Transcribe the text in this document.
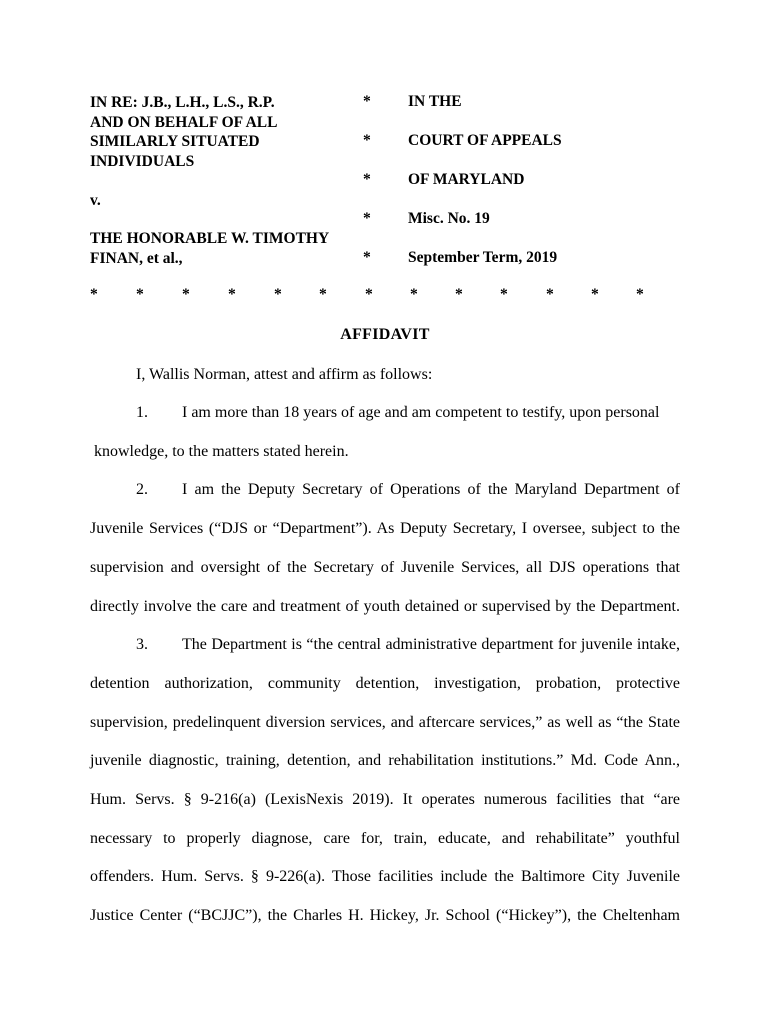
IN RE: J.B., L.H., L.S., R.P.
AND ON BEHALF OF ALL
SIMILARLY SITUATED
INDIVIDUALS
v.
THE HONORABLE W. TIMOTHY
FINAN, et al.,
*
*
*
*
*
IN THE
COURT OF APPEALS
OF MARYLAND
Misc. No. 19
September Term, 2019
* * * * * * * * * * * * *
AFFIDAVIT
I, Wallis Norman, attest and affirm as follows:
1. I am more than 18 years of age and am competent to testify, upon personal
knowledge, to the matters stated herein.
2. I am the Deputy Secretary of Operations of the Maryland Department of
Juvenile Services (“DJS or “Department”). As Deputy Secretary, I oversee, subject to the
supervision and oversight of the Secretary of Juvenile Services, all DJS operations that
directly involve the care and treatment of youth detained or supervised by the Department.
3. The Department is “the central administrative department for juvenile intake,
detention authorization, community detention, investigation, probation, protective
supervision, predelinquent diversion services, and aftercare services,” as well as “the State
juvenile diagnostic, training, detention, and rehabilitation institutions.” Md. Code Ann.,
Hum. Servs. § 9-216(a) (LexisNexis 2019). It operates numerous facilities that “are
necessary to properly diagnose, care for, train, educate, and rehabilitate” youthful
offenders. Hum. Servs. § 9-226(a). Those facilities include the Baltimore City Juvenile
Justice Center (“BCJJC”), the Charles H. Hickey, Jr. School (“Hickey”), the Cheltenham
